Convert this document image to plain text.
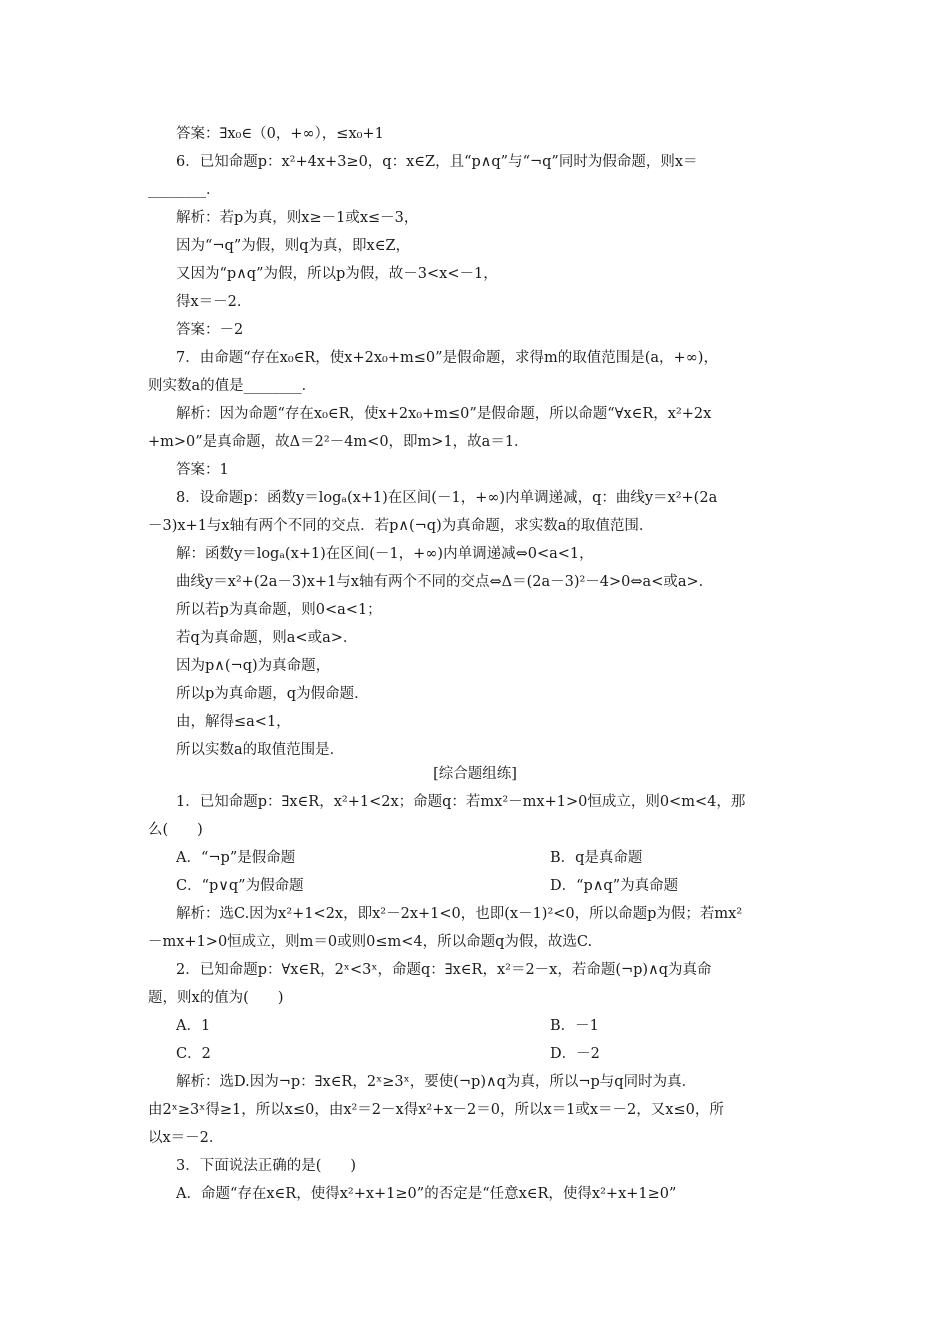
答案：∃x₀∈（0，+∞），≤x₀+1
6．已知命题p：x²+4x+3≥0，q：x∈Z，且“p∧q”与“¬q”同时为假命题，则x＝
________．
解析：若p为真，则x≥－1或x≤－3，
因为“¬q”为假，则q为真，即x∈Z，
又因为“p∧q”为假，所以p为假，故－3<x<－1，
得x＝－2．
答案：－2
7．由命题“存在x₀∈R，使x+2x₀+m≤0”是假命题，求得m的取值范围是(a，+∞)，
则实数a的值是________．
解析：因为命题“存在x₀∈R，使x+2x₀+m≤0”是假命题，所以命题“∀x∈R，x²+2x
+m>0”是真命题，故Δ＝2²－4m<0，即m>1，故a＝1．
答案：1
8．设命题p：函数y＝logₐ(x+1)在区间(－1，+∞)内单调递减，q：曲线y＝x²+(2a
－3)x+1与x轴有两个不同的交点．若p∧(¬q)为真命题，求实数a的取值范围．
解：函数y＝logₐ(x+1)在区间(－1，+∞)内单调递减⇔0<a<1，
曲线y＝x²+(2a－3)x+1与x轴有两个不同的交点⇔Δ＝(2a－3)²－4>0⇔a<或a>．
所以若p为真命题，则0<a<1；
若q为真命题，则a<或a>．
因为p∧(¬q)为真命题，
所以p为真命题，q为假命题．
由，解得≤a<1，
所以实数a的取值范围是．
[综合题组练]
1．已知命题p：∃x∈R，x²+1<2x；命题q：若mx²－mx+1>0恒成立，则0<m<4，那
么(　　)
A．“¬p”是假命题	B．q是真命题
C．“p∨q”为假命题	D．“p∧q”为真命题
解析：选C.因为x²+1<2x，即x²－2x+1<0，也即(x－1)²<0，所以命题p为假；若mx²
－mx+1>0恒成立，则m＝0或则0≤m<4，所以命题q为假，故选C.
2．已知命题p：∀x∈R，2ˣ<3ˣ，命题q：∃x∈R，x²＝2－x，若命题(¬p)∧q为真命
题，则x的值为(　　)
A．1	B．－1
C．2	D．－2
解析：选D.因为¬p：∃x∈R，2ˣ≥3ˣ，要使(¬p)∧q为真，所以¬p与q同时为真．
由2ˣ≥3ˣ得≥1，所以x≤0，由x²＝2－x得x²+x－2＝0，所以x＝1或x＝－2，又x≤0，所
以x＝－2．
3．下面说法正确的是(　　)
A．命题“存在x∈R，使得x²+x+1≥0”的否定是“任意x∈R，使得x²+x+1≥0”
